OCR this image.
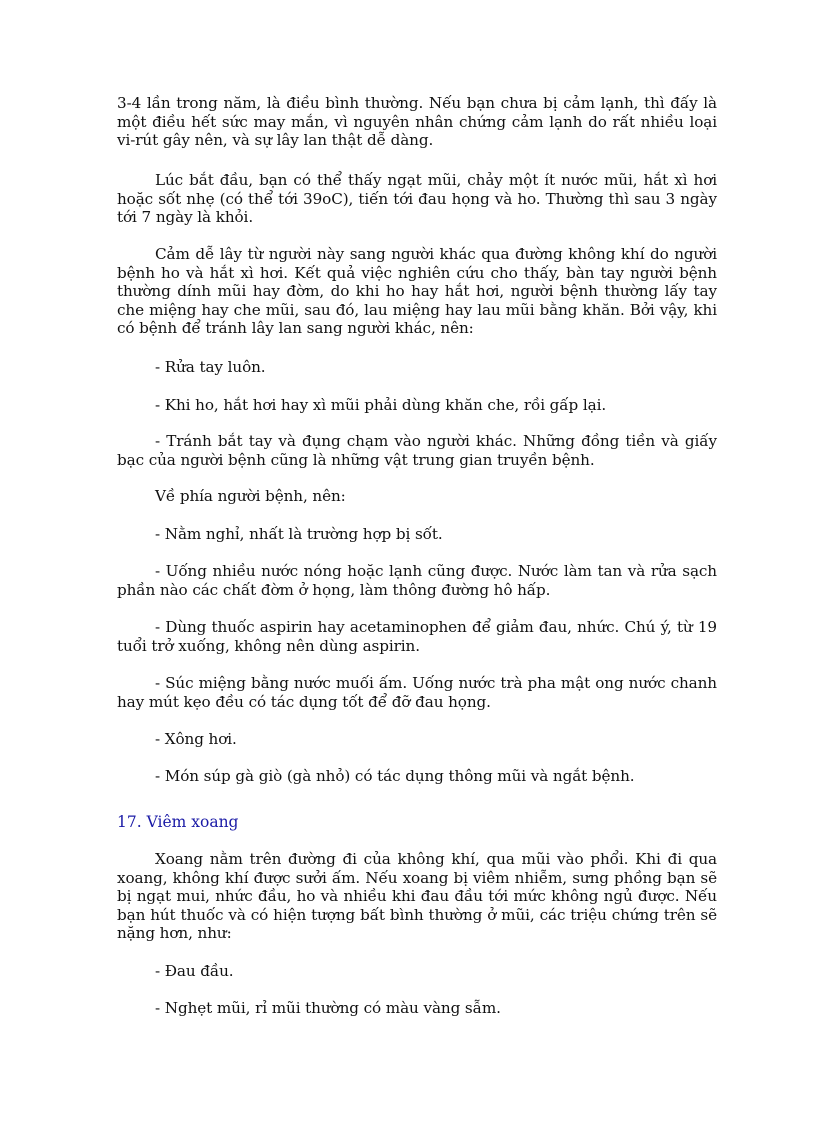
3-4 lần trong năm, là điều bình thường. Nếu bạn chưa bị cảm lạnh, thì đấy là một điều hết sức may mắn, vì nguyên nhân chứng cảm lạnh do rất nhiều loại vi-rút gây nên, và sự lây lan thật dễ dàng.

Lúc bắt đầu, bạn có thể thấy ngạt mũi, chảy một ít nước mũi, hắt xì hơi hoặc sốt nhẹ (có thể tới 39oC), tiến tới đau họng và ho. Thường thì sau 3 ngày tới 7 ngày là khỏi.

Cảm dễ lây từ người này sang người khác qua đường không khí do người bệnh ho và hắt xì hơi. Kết quả việc nghiên cứu cho thấy, bàn tay người bệnh thường dính mũi hay đờm, do khi ho hay hắt hơi, người bệnh thường lấy tay che miệng hay che mũi, sau đó, lau miệng hay lau mũi bằng khăn. Bởi vậy, khi có bệnh để tránh lây lan sang người khác, nên:

- Rửa tay luôn.

- Khi ho, hắt hơi hay xì mũi phải dùng khăn che, rồi gấp lại.

- Tránh bắt tay và đụng chạm vào người khác. Những đồng tiền và giấy bạc của người bệnh cũng là những vật trung gian truyền bệnh.

Về phía người bệnh, nên:

- Nằm nghỉ, nhất là trường hợp bị sốt.

- Uống nhiều nước nóng hoặc lạnh cũng được. Nước làm tan và rửa sạch phần nào các chất đờm ở họng, làm thông đường hô hấp.

- Dùng thuốc aspirin hay acetaminophen để giảm đau, nhức. Chú ý, từ 19 tuổi trở xuống, không nên dùng aspirin.

- Súc miệng bằng nước muối ấm. Uống nước trà pha mật ong nước chanh hay mút kẹo đều có tác dụng tốt để đỡ đau họng.

- Xông hơi.

- Món súp gà giò (gà nhỏ) có tác dụng thông mũi và ngắt bệnh.

17. Viêm xoang

Xoang nằm trên đường đi của không khí, qua mũi vào phổi. Khi đi qua xoang, không khí được sưởi ấm. Nếu xoang bị viêm nhiễm, sưng phồng bạn sẽ bị ngạt mui, nhức đầu, ho và nhiều khi đau đầu tới mức không ngủ được. Nếu bạn hút thuốc và có hiện tượng bất bình thường ở mũi, các triệu chứng trên sẽ nặng hơn, như:

- Đau đầu.

- Nghẹt mũi, rỉ mũi thường có màu vàng sẫm.
